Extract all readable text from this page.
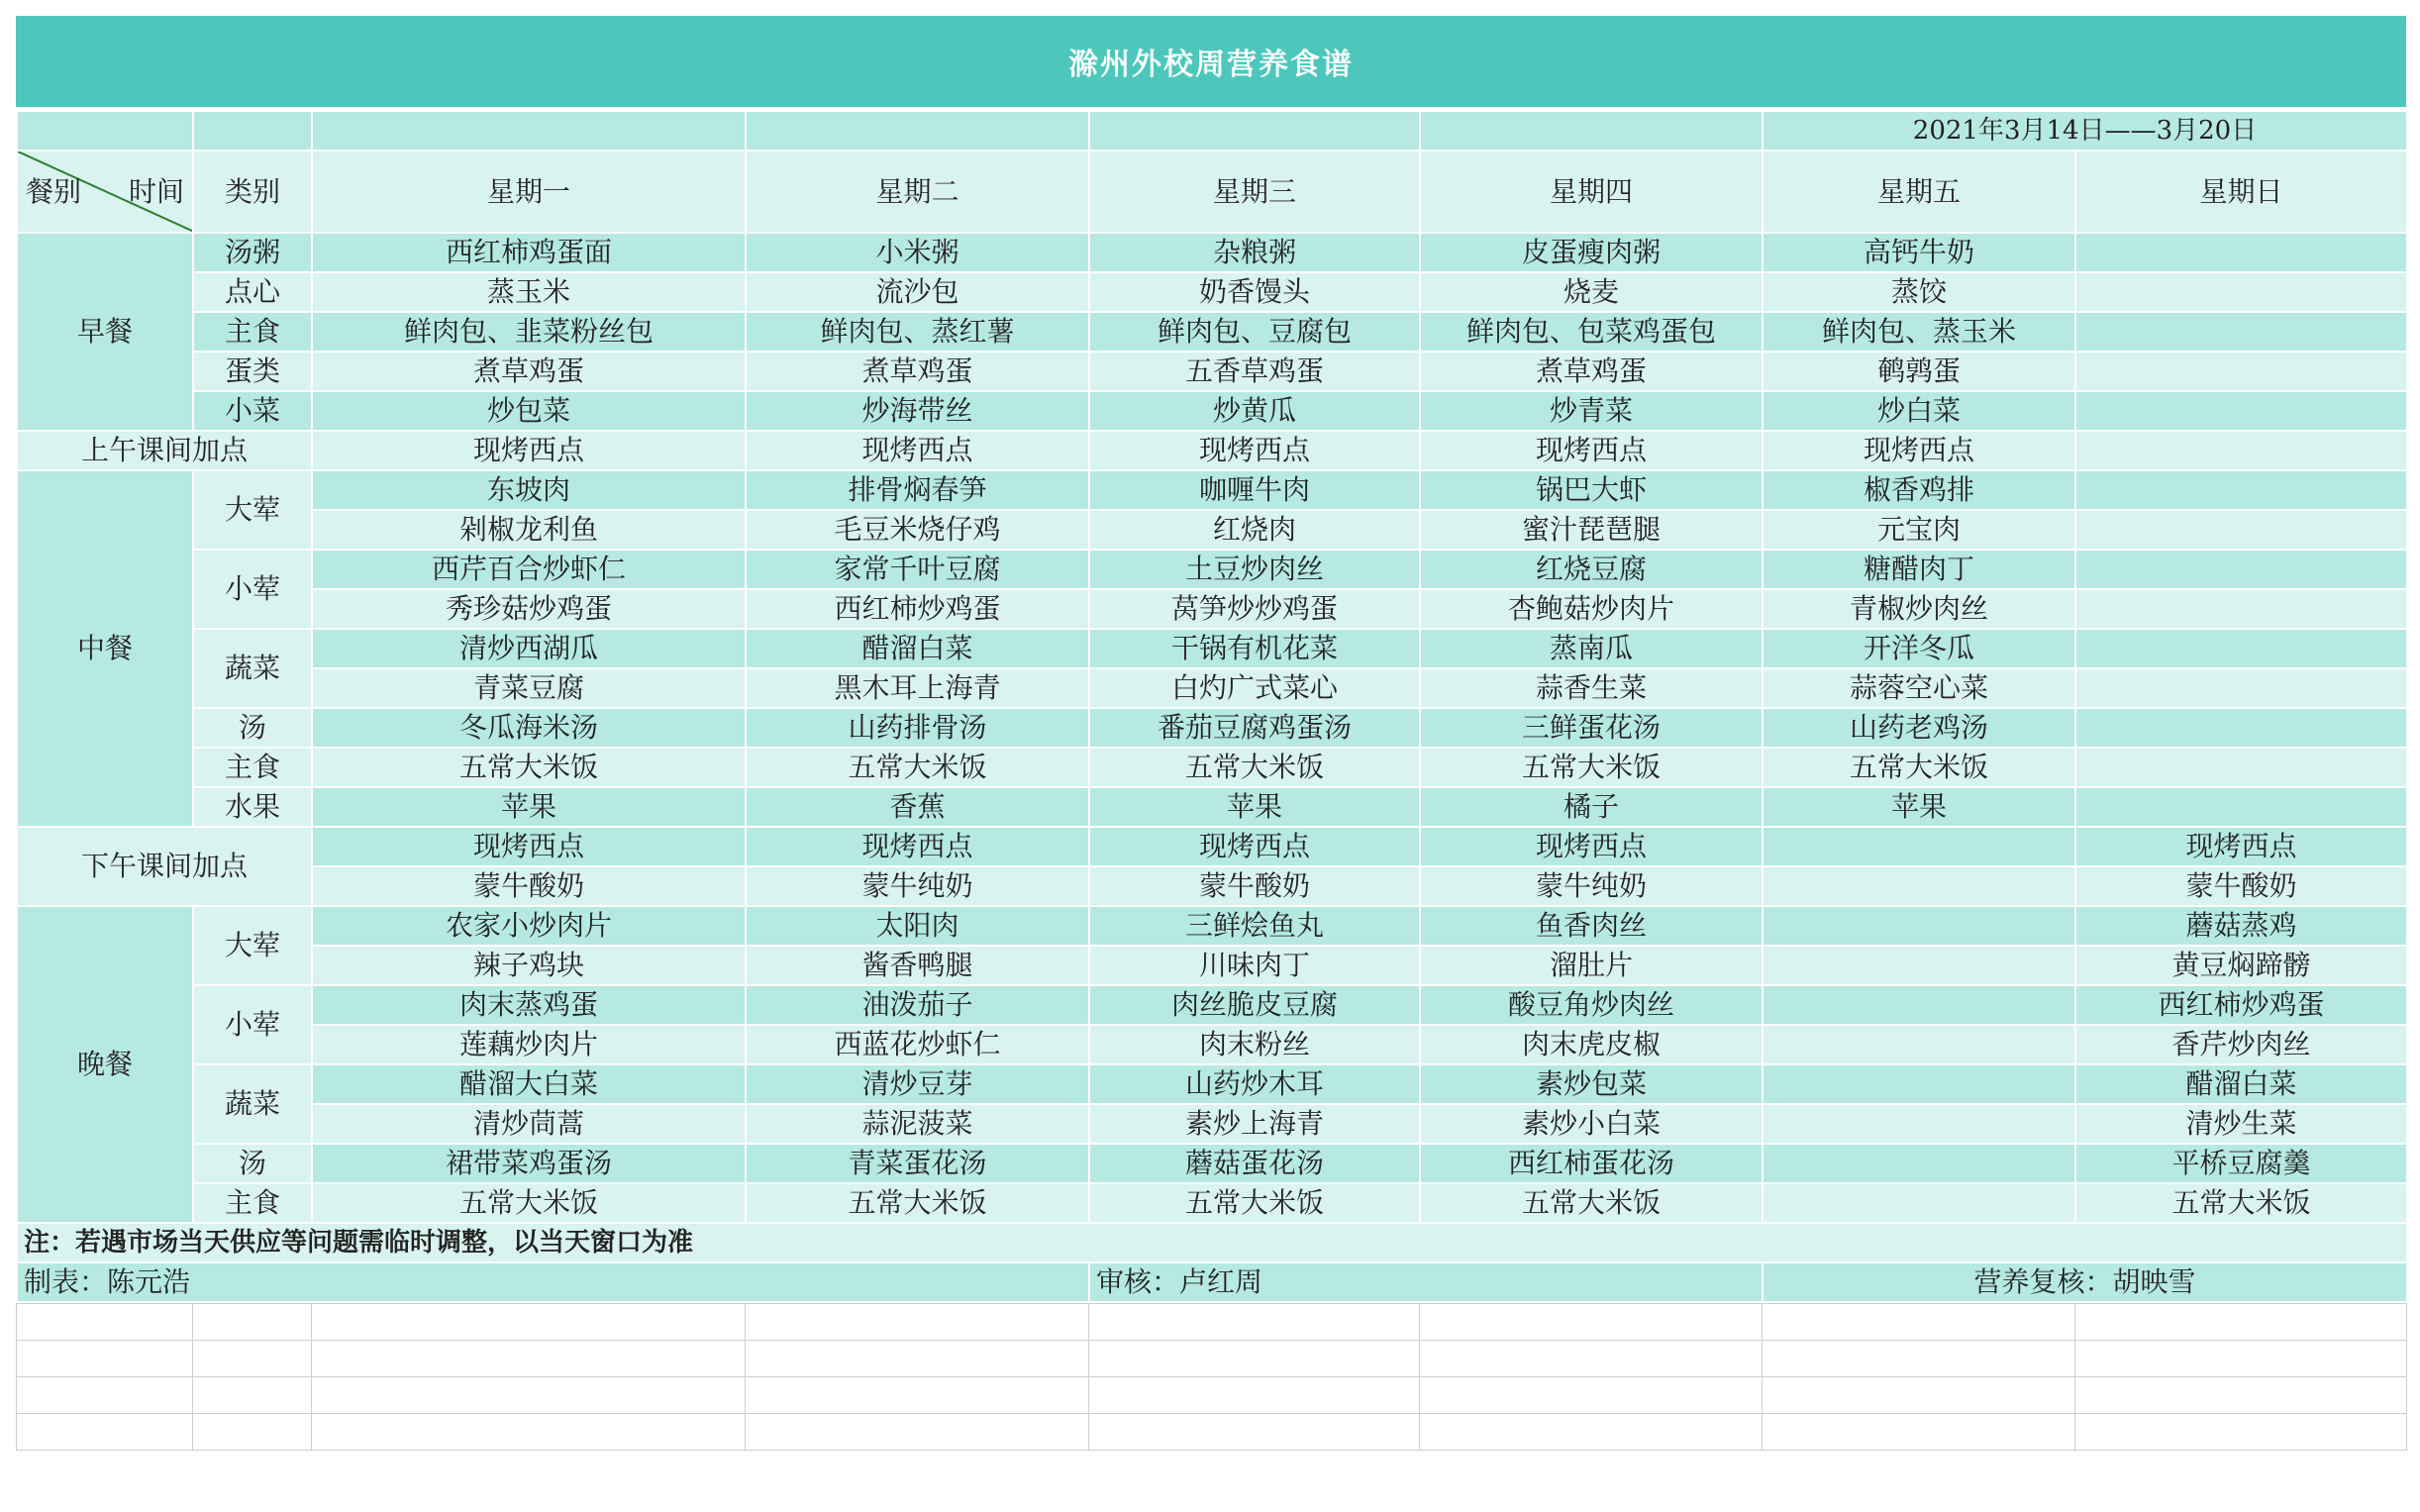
滁州外校周营养食谱
						2021年3月14日——3月20日	

餐别 时间	类别	星期一	星期二	星期三	星期四	星期五	星期日
早餐	汤粥	西红柿鸡蛋面	小米粥	杂粮粥	皮蛋瘦肉粥	高钙牛奶	
	点心	蒸玉米	流沙包	奶香馒头	烧麦	蒸饺	
	主食	鲜肉包、韭菜粉丝包	鲜肉包、蒸红薯	鲜肉包、豆腐包	鲜肉包、包菜鸡蛋包	鲜肉包、蒸玉米	
	蛋类	煮草鸡蛋	煮草鸡蛋	五香草鸡蛋	煮草鸡蛋	鹌鹑蛋	
	小菜	炒包菜	炒海带丝	炒黄瓜	炒青菜	炒白菜	
上午课间加点		现烤西点	现烤西点	现烤西点	现烤西点	现烤西点	
中餐	大荤	东坡肉	排骨焖春笋	咖喱牛肉	锅巴大虾	椒香鸡排	
		剁椒龙利鱼	毛豆米烧仔鸡	红烧肉	蜜汁琵琶腿	元宝肉	
	小荤	西芹百合炒虾仁	家常千叶豆腐	土豆炒肉丝	红烧豆腐	糖醋肉丁	
		秀珍菇炒鸡蛋	西红柿炒鸡蛋	莴笋炒炒鸡蛋	杏鲍菇炒肉片	青椒炒肉丝	
	蔬菜	清炒西湖瓜	醋溜白菜	干锅有机花菜	蒸南瓜	开洋冬瓜	
		青菜豆腐	黑木耳上海青	白灼广式菜心	蒜香生菜	蒜蓉空心菜	
	汤	冬瓜海米汤	山药排骨汤	番茄豆腐鸡蛋汤	三鲜蛋花汤	山药老鸡汤	
	主食	五常大米饭	五常大米饭	五常大米饭	五常大米饭	五常大米饭	
	水果	苹果	香蕉	苹果	橘子	苹果	
下午课间加点		现烤西点	现烤西点	现烤西点	现烤西点		现烤西点
		蒙牛酸奶	蒙牛纯奶	蒙牛酸奶	蒙牛纯奶		蒙牛酸奶
晚餐	大荤	农家小炒肉片	太阳肉	三鲜烩鱼丸	鱼香肉丝		蘑菇蒸鸡
		辣子鸡块	酱香鸭腿	川味肉丁	溜肚片		黄豆焖蹄髈
	小荤	肉末蒸鸡蛋	油泼茄子	肉丝脆皮豆腐	酸豆角炒肉丝		西红柿炒鸡蛋
		莲藕炒肉片	西蓝花炒虾仁	肉末粉丝	肉末虎皮椒		香芹炒肉丝
	蔬菜	醋溜大白菜	清炒豆芽	山药炒木耳	素炒包菜		醋溜白菜
		清炒茼蒿	蒜泥菠菜	素炒上海青	素炒小白菜		清炒生菜
	汤	裙带菜鸡蛋汤	青菜蛋花汤	蘑菇蛋花汤	西红柿蛋花汤		平桥豆腐羹
	主食	五常大米饭	五常大米饭	五常大米饭	五常大米饭		五常大米饭
注：若遇市场当天供应等问题需临时调整，以当天窗口为准							
制表：陈元浩				审核：卢红周		营养复核：胡映雪	
